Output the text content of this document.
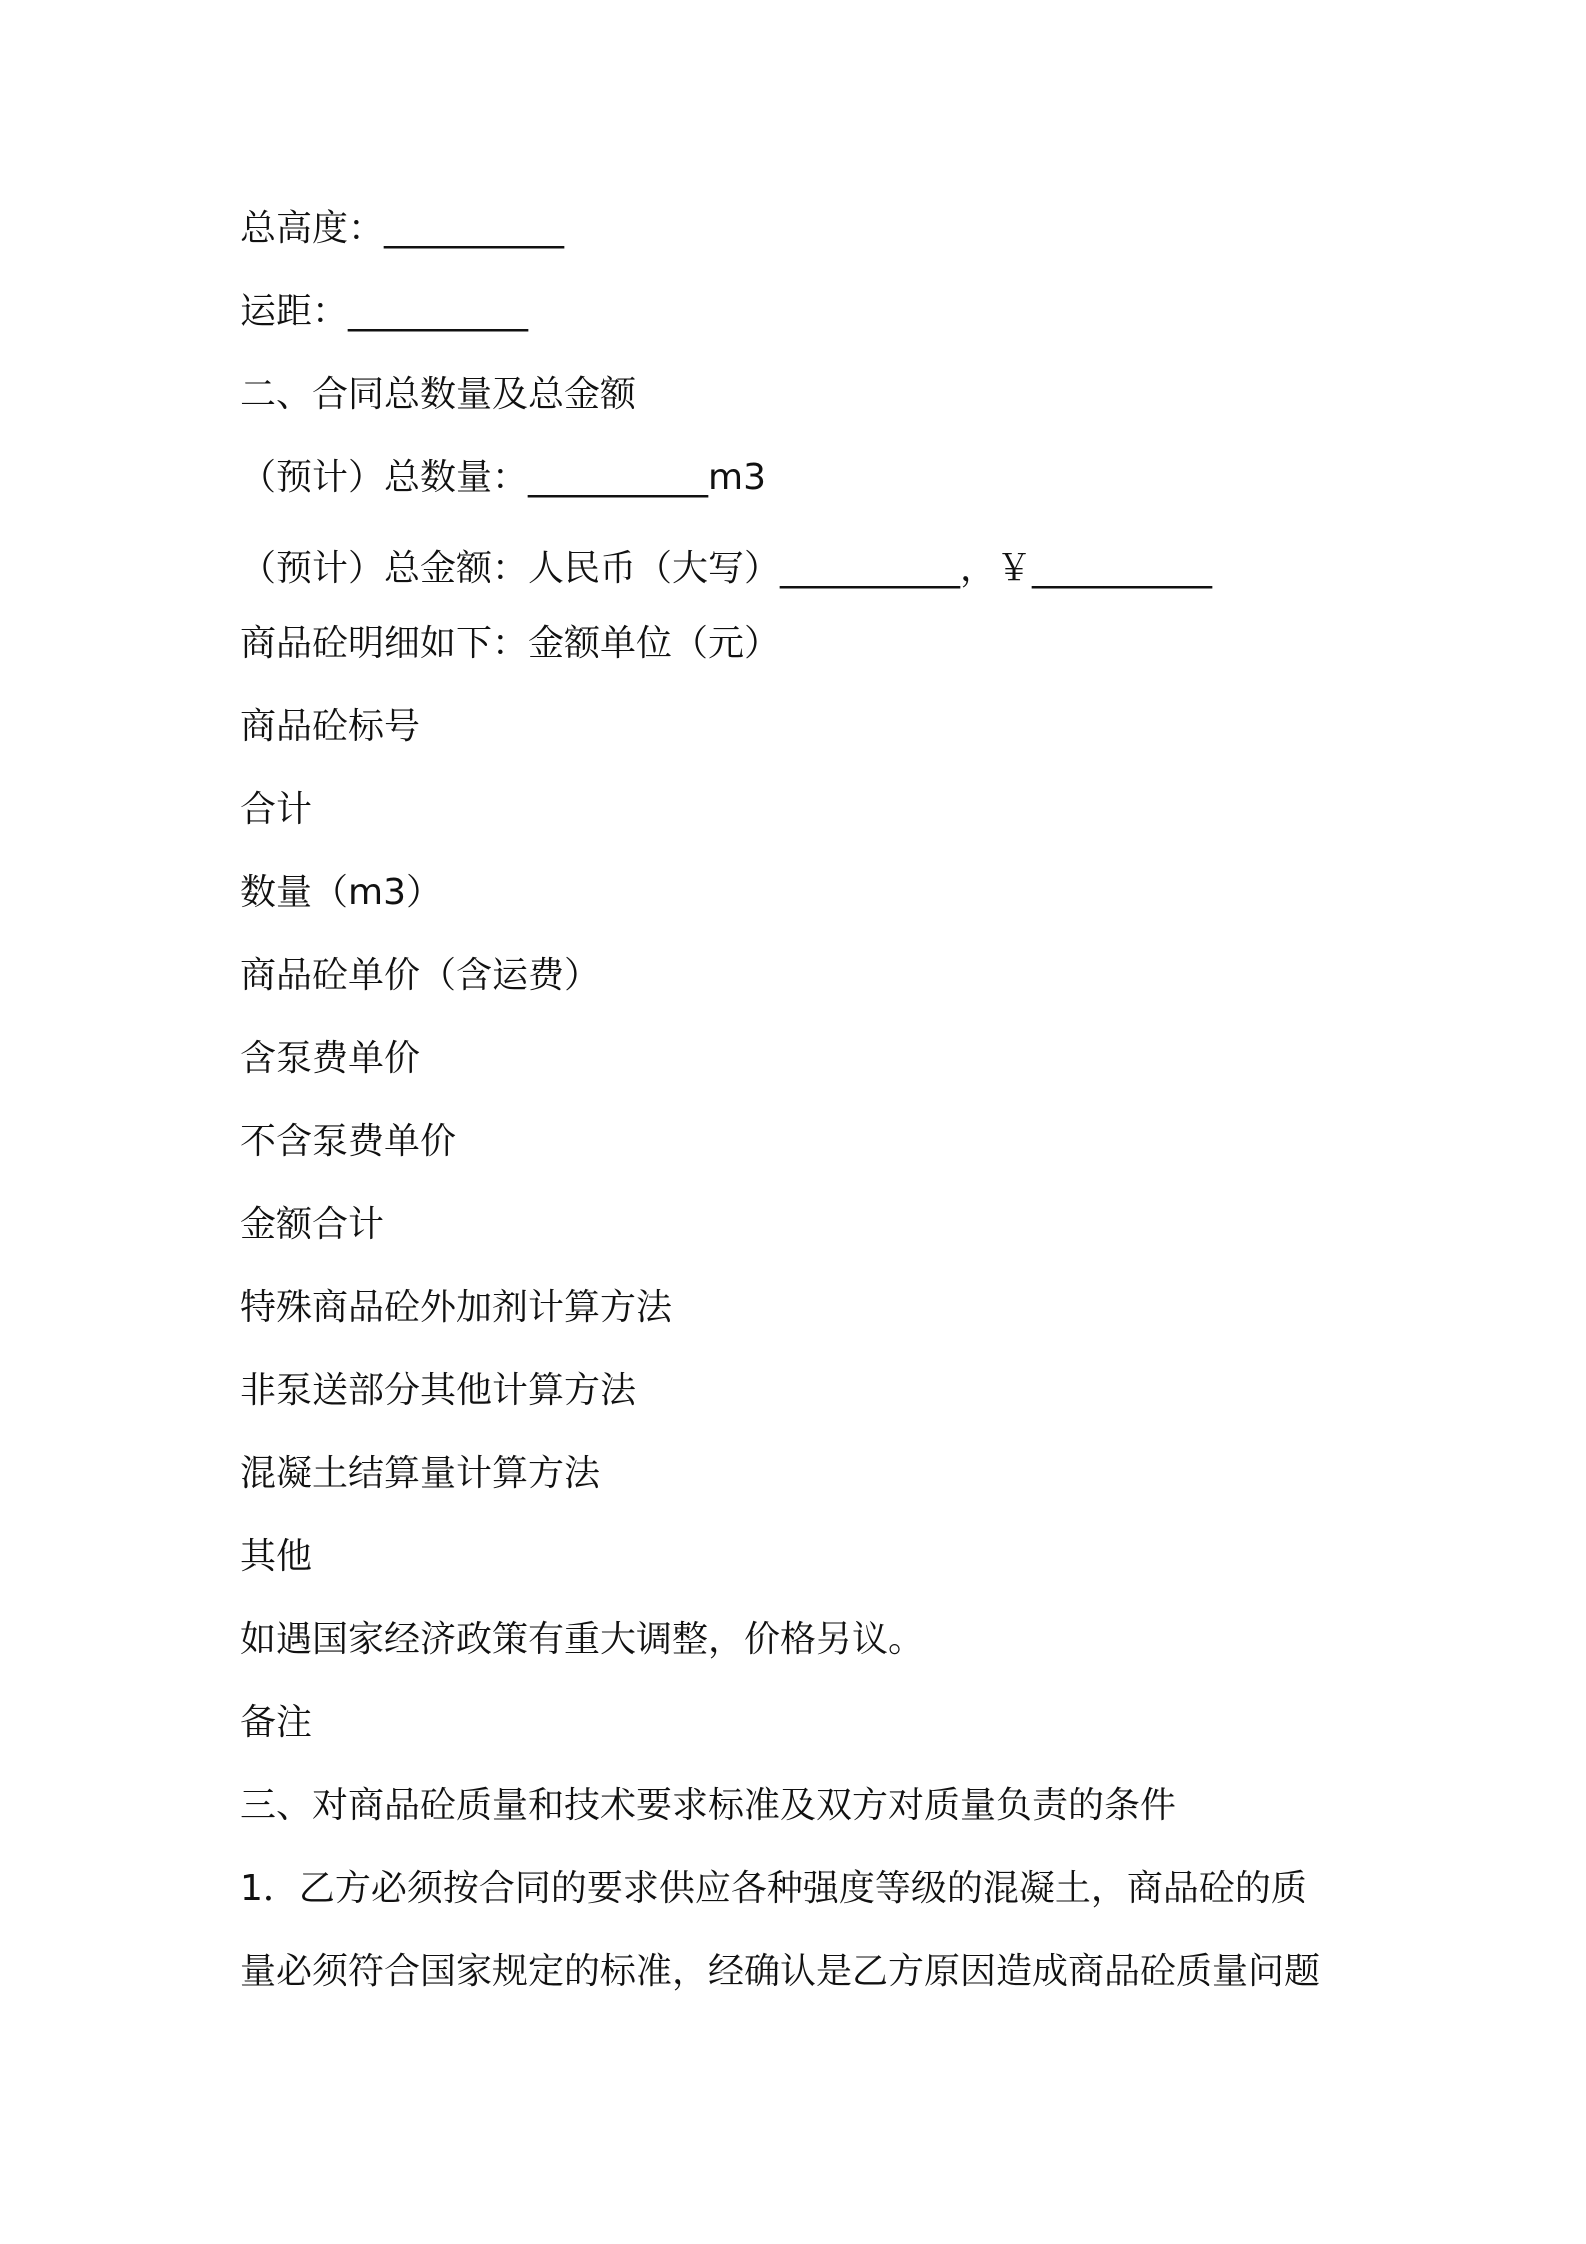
总高度：__________

运距：__________

二、合同总数量及总金额

（预计）总数量：__________m3

（预计）总金额：人民币（大写）__________，￥__________

商品砼明细如下：金额单位（元）

商品砼标号

合计

数量（m3）

商品砼单价（含运费）

含泵费单价

不含泵费单价

金额合计

特殊商品砼外加剂计算方法

非泵送部分其他计算方法

混凝土结算量计算方法

其他

如遇国家经济政策有重大调整，价格另议。

备注

三、对商品砼质量和技术要求标准及双方对质量负责的条件

1．乙方必须按合同的要求供应各种强度等级的混凝土，商品砼的质

量必须符合国家规定的标准，经确认是乙方原因造成商品砼质量问题
